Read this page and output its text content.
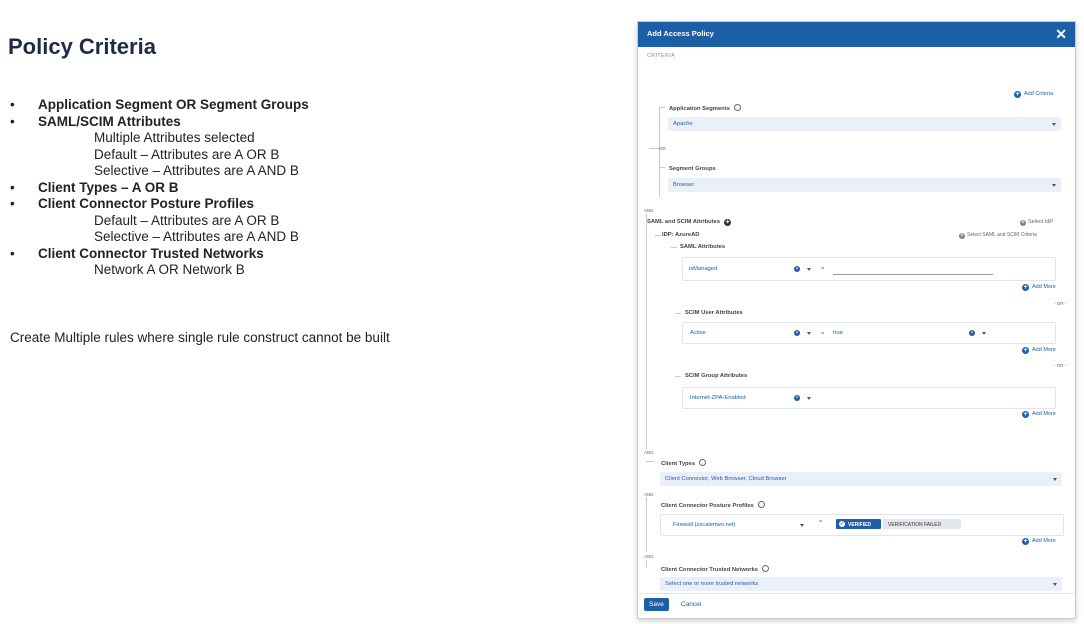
Policy Criteria
•	Application Segment OR Segment Groups
•	SAML/SCIM Attributes
Multiple Attributes selected
Default – Attributes are A OR B
Selective – Attributes are A AND B
•	Client Types – A OR B
•	Client Connector Posture Profiles
Default – Attributes are A OR B
Selective – Attributes are A AND B
•	Client Connector Trusted Networks
Network A OR Network B
Create Multiple rules where single rule construct cannot be built
Add Access Policy	✕
CRITERIA
+ Add Criteria
OR
Application Segments
Apache
Segment Groups
Browser
AND
SAML and SCIM Attributes +	+ Select IdP
IDP: AzureAD	+ Select SAML and SCIM Criteria
SAML Attributes
isManaged	×	=
+ Add More
- OR -
SCIM User Attributes
Active	×	= true	×
+ Add More
- OR -
SCIM Group Attributes
Internet-ZPA-Enabled	×
+ Add More
AND
Client Types
Client Connector, Web Browser, Cloud Browser
AND
Client Connector Posture Profiles
Firewall (zscalertwo.net)	=	✓ VERIFIED	VERIFICATION FAILED
+ Add More
AND
Client Connector Trusted Networks
Select one or more trusted networks
Save	Cancel
